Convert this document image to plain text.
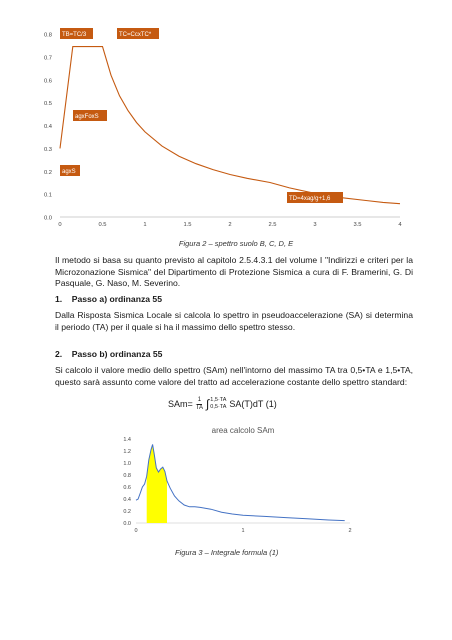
0.0
0.1
0.2
0.3
0.4
0.5
0.6
0.7
0.8
0	0.5	1	1.5	2	2.5	3	3.5	4
TB=TC/3	TC=CcxTC*
agxFoxS
agxS
TD=4xag/g+1,6
Figura 2 – spettro suolo B, C, D, E
Il metodo si basa su quanto previsto al capitolo 2.5.4.3.1 del volume I "Indirizzi e criteri per la Microzonazione Sismica" del Dipartimento di Protezione Sismica a cura di F. Bramerini, G. Di Pasquale, G. Naso, M. Severino.
1.    Passo a) ordinanza 55
Dalla Risposta Sismica Locale si calcola lo spettro in pseudoaccelerazione (SA) si determina il periodo (TA) per il quale si ha il massimo dello spettro stesso.
2.    Passo b) ordinanza 55
Si calcolo il valore medio dello spettro (SAm) nell'intorno del massimo TA tra 0,5•TA e 1,5•TA, questo sarà assunto come valore del tratto ad accelerazione costante dello spettro standard:
$SAm= \frac{1}{TA}$ ∫ 1,5·TA
0,5·TA SA(T)dT (1)
area calcolo SAm
0.0
0.2
0.4
0.6
0.8
1.0
1.2
1.4
0	1	2
Figura 3 – Integrale formula (1)
